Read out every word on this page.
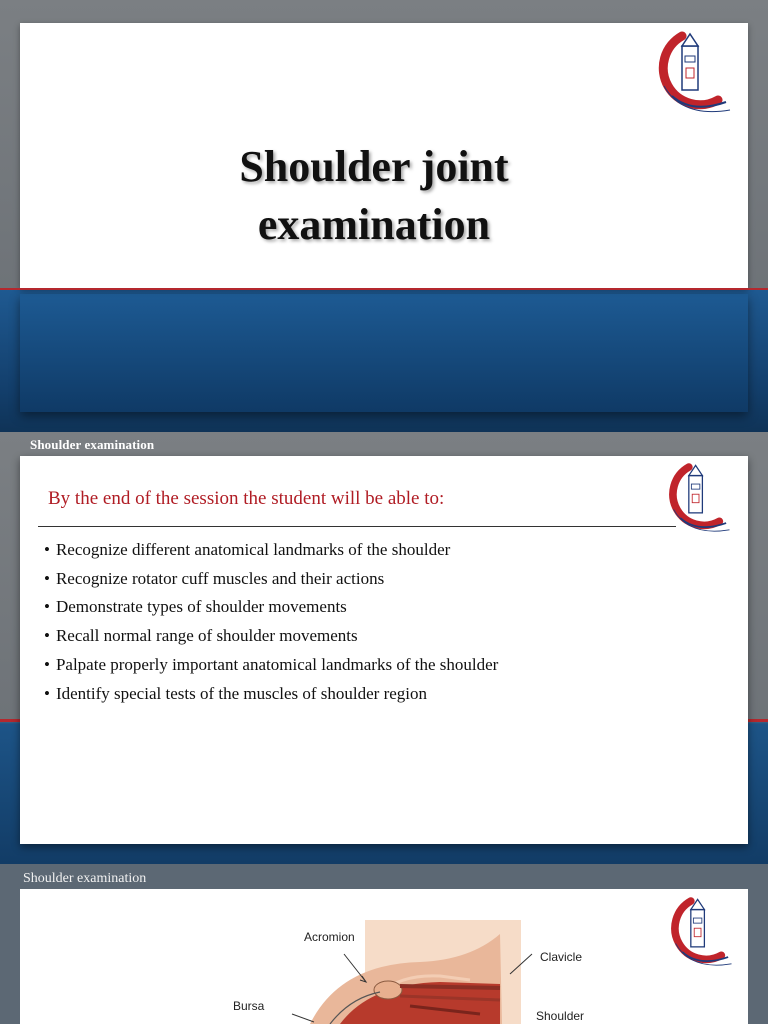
Shoulder joint
examination
Shoulder examination
By the end of the session the student will be able to:
• Recognize different anatomical landmarks of the shoulder
• Recognize rotator cuff muscles and their actions
• Demonstrate types of shoulder movements
• Recall normal range of shoulder movements
• Palpate properly important anatomical landmarks of the shoulder
• Identify special tests of the muscles of shoulder region
Shoulder examination
Acromion
Clavicle
Bursa
Shoulder
